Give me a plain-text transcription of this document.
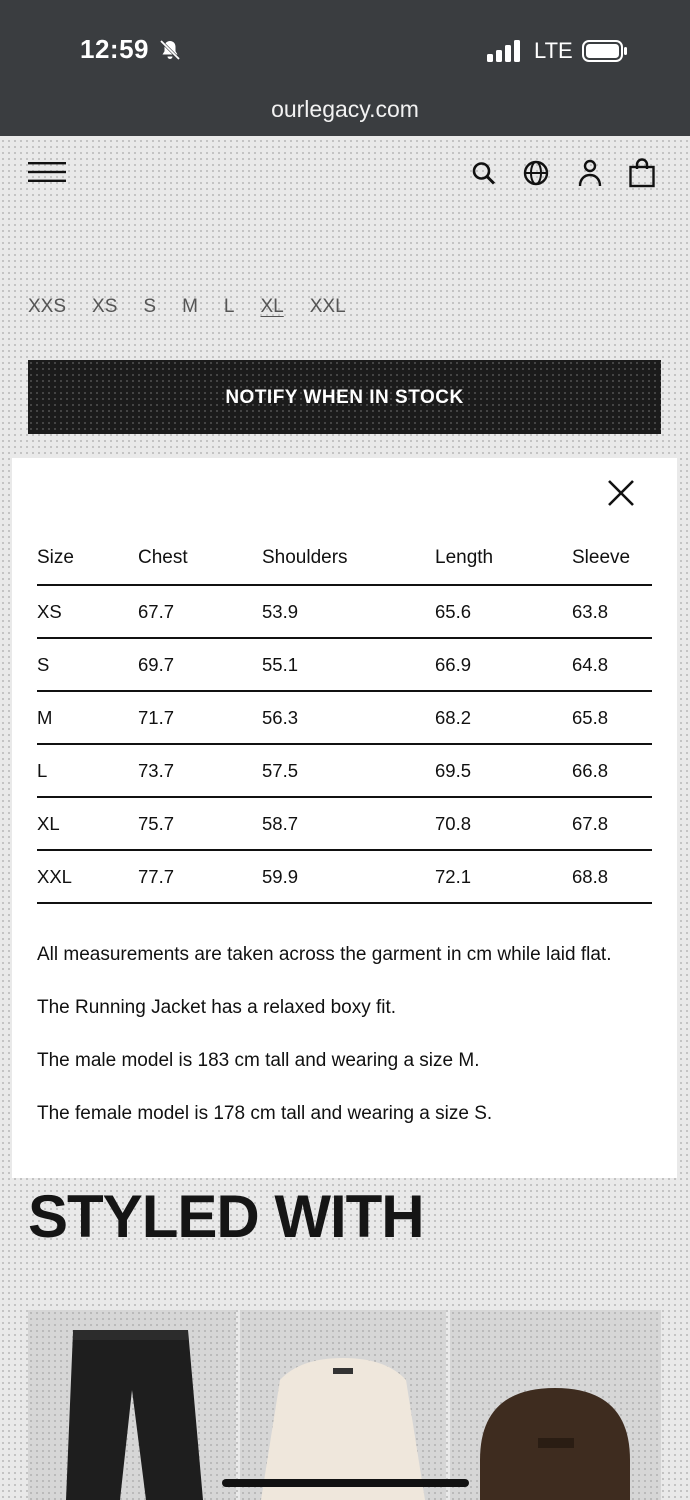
12:59	LTE
ourlegacy.com
XXS XS S M L XL XXL
NOTIFY WHEN IN STOCK
Size	Chest	Shoulders	Length	Sleeve
XS	67.7	53.9	65.6	63.8
S	69.7	55.1	66.9	64.8
M	71.7	56.3	68.2	65.8
L	73.7	57.5	69.5	66.8
XL	75.7	58.7	70.8	67.8
XXL	77.7	59.9	72.1	68.8

All measurements are taken across the garment in cm while laid flat.

The Running Jacket has a relaxed boxy fit.

The male model is 183 cm tall and wearing a size M.

The female model is 178 cm tall and wearing a size S.

STYLED WITH
